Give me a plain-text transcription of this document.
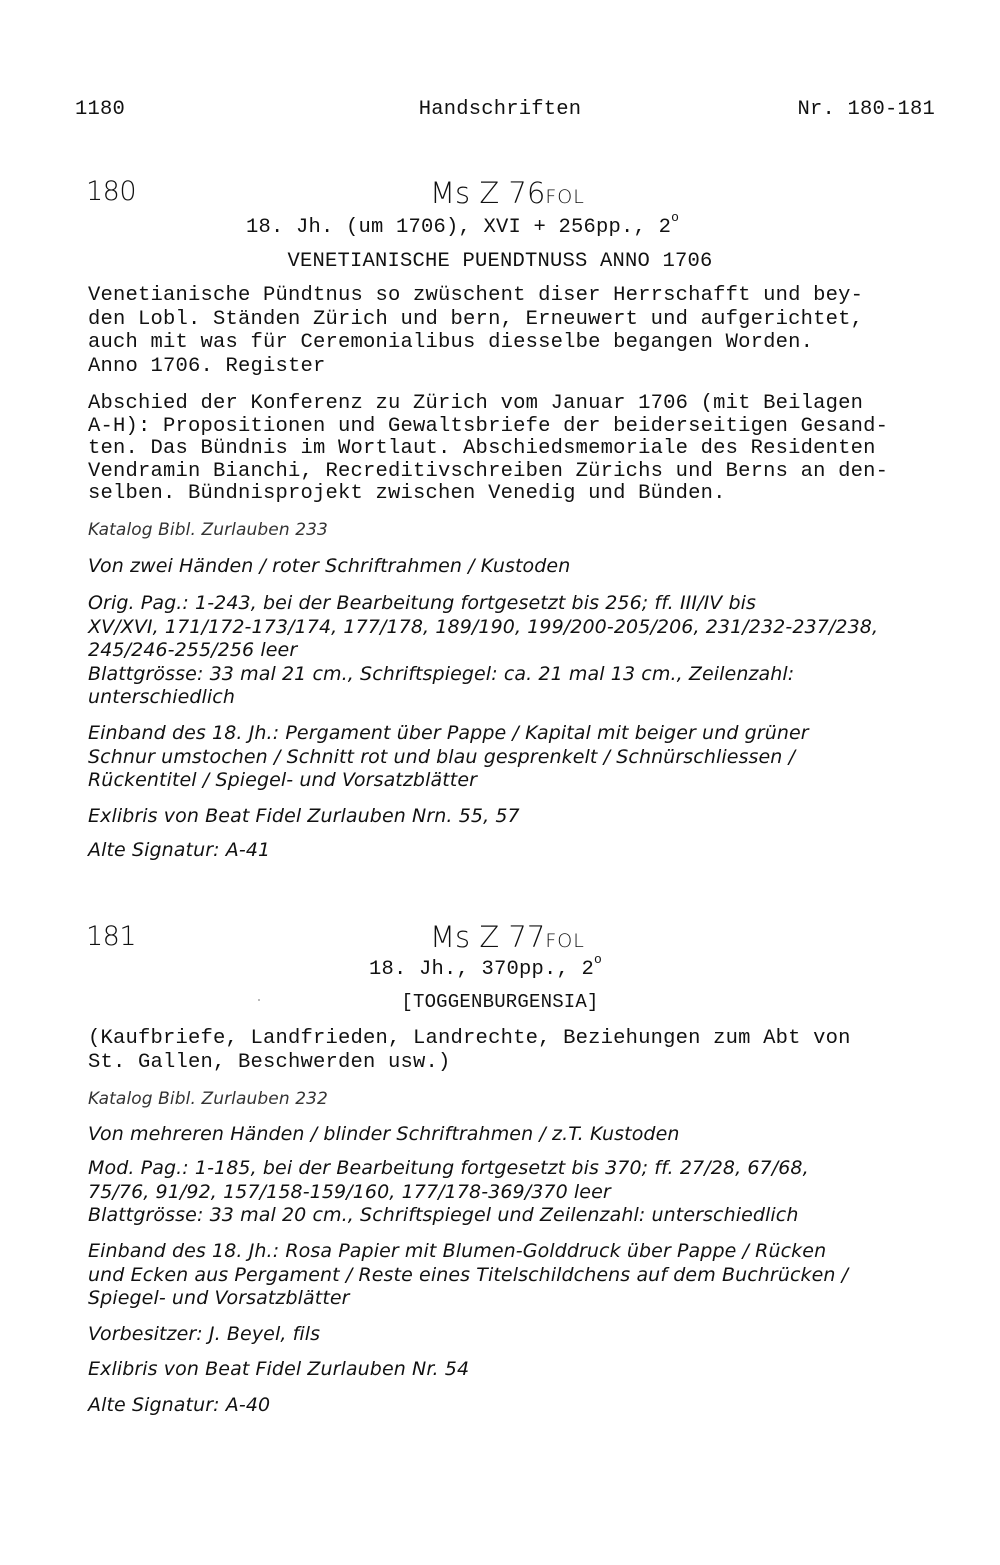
1180	Handschriften	Nr. 180-181
180	Ms Z 76FOL
18. Jh. (um 1706), XVI + 256pp., 2$^o$
VENETIANISCHE PUENDTNUSS ANNO 1706
Venetianische Pündtnus so zwüschent diser Herrschafft und bey-
den Lobl. Ständen Zürich und bern, Erneuwert und aufgerichtet,
auch mit was für Ceremonialibus diesselbe begangen Worden.
Anno 1706. Register
Abschied der Konferenz zu Zürich vom Januar 1706 (mit Beilagen
A-H): Propositionen und Gewaltsbriefe der beiderseitigen Gesand-
ten. Das Bündnis im Wortlaut. Abschiedsmemoriale des Residenten
Vendramin Bianchi, Recreditivschreiben Zürichs und Berns an den-
selben. Bündnisprojekt zwischen Venedig und Bünden.
Katalog Bibl. Zurlauben 233
Von zwei Händen / roter Schriftrahmen / Kustoden
Orig. Pag.: 1-243, bei der Bearbeitung fortgesetzt bis 256; ff. III/IV bis
XV/XVI, 171/172-173/174, 177/178, 189/190, 199/200-205/206, 231/232-237/238,
245/246-255/256 leer
Blattgrösse: 33 mal 21 cm., Schriftspiegel: ca. 21 mal 13 cm., Zeilenzahl:
unterschiedlich
Einband des 18. Jh.: Pergament über Pappe / Kapital mit beiger und grüner
Schnur umstochen / Schnitt rot und blau gesprenkelt / Schnürschliessen /
Rückentitel / Spiegel- und Vorsatzblätter
Exlibris von Beat Fidel Zurlauben Nrn. 55, 57
Alte Signatur: A-41
181	Ms Z 77FOL
18. Jh., 370pp., 2$^o$
[TOGGENBURGENSIA]
(Kaufbriefe, Landfrieden, Landrechte, Beziehungen zum Abt von
St. Gallen, Beschwerden usw.)
Katalog Bibl. Zurlauben 232
Von mehreren Händen / blinder Schriftrahmen / z.T. Kustoden
Mod. Pag.: 1-185, bei der Bearbeitung fortgesetzt bis 370; ff. 27/28, 67/68,
75/76, 91/92, 157/158-159/160, 177/178-369/370 leer
Blattgrösse: 33 mal 20 cm., Schriftspiegel und Zeilenzahl: unterschiedlich
Einband des 18. Jh.: Rosa Papier mit Blumen-Golddruck über Pappe / Rücken
und Ecken aus Pergament / Reste eines Titelschildchens auf dem Buchrücken /
Spiegel- und Vorsatzblätter
Vorbesitzer: J. Beyel, fils
Exlibris von Beat Fidel Zurlauben Nr. 54
Alte Signatur: A-40
